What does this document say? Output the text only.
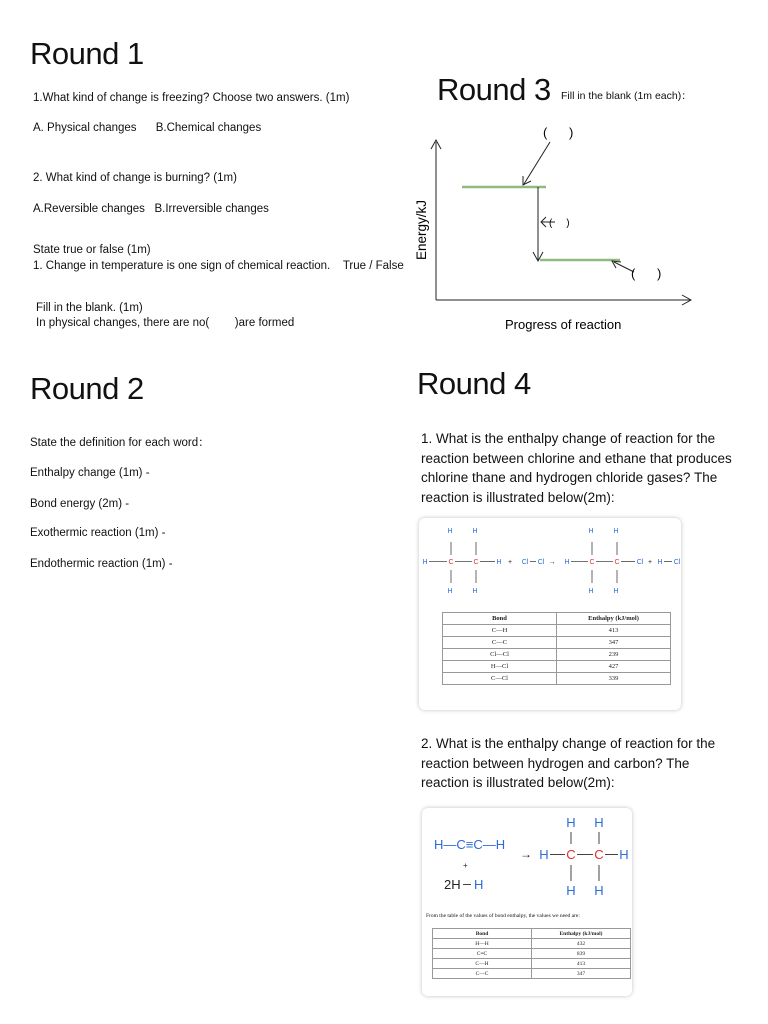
Round 1
1.What kind of change is freezing? Choose two answers. (1m)
A. Physical changes      B.Chemical changes
2. What kind of change is burning? (1m)
A.Reversible changes   B.Irreversible changes
State true or false (1m)
1. Change in temperature is one sign of chemical reaction.    True / False
Fill in the blank. (1m)
In physical changes, there are no(        )are formed
Round 3 Fill in the blank (1m each)：
(      )
(     )
(      )
Energy/kJ
Progress of reaction
Round 2
State the definition for each word：
Enthalpy change (1m) -
Bond energy (2m) -
Exothermic reaction (1m) -
Endothermic reaction (1m) -
Round 4
1. What is the enthalpy change of reaction for the reaction between chlorine and ethane that produces chlorine thane and hydrogen chloride gases? The reaction is illustrated below(2m):
H	H
H	C	C	H
H	H
+ Cl Cl →
H	H
H	C	C Cl
H	H
+ H Cl
Bond	Enthalpy (kJ/mol)
C—H	413
C—C	347
Cl—Cl	239
H—Cl	427
C—Cl	339
2. What is the enthalpy change of reaction for the reaction between hydrogen and carbon? The reaction is illustrated below(2m):
H—C≡C—H
+
2H H
→
H H
H C C H
H H
From the table of the values of bond enthalpy, the values we need are:
Bond	Enthalpy (kJ/mol)
H—H	432
C≡C	839
C—H	413
C—C	347
